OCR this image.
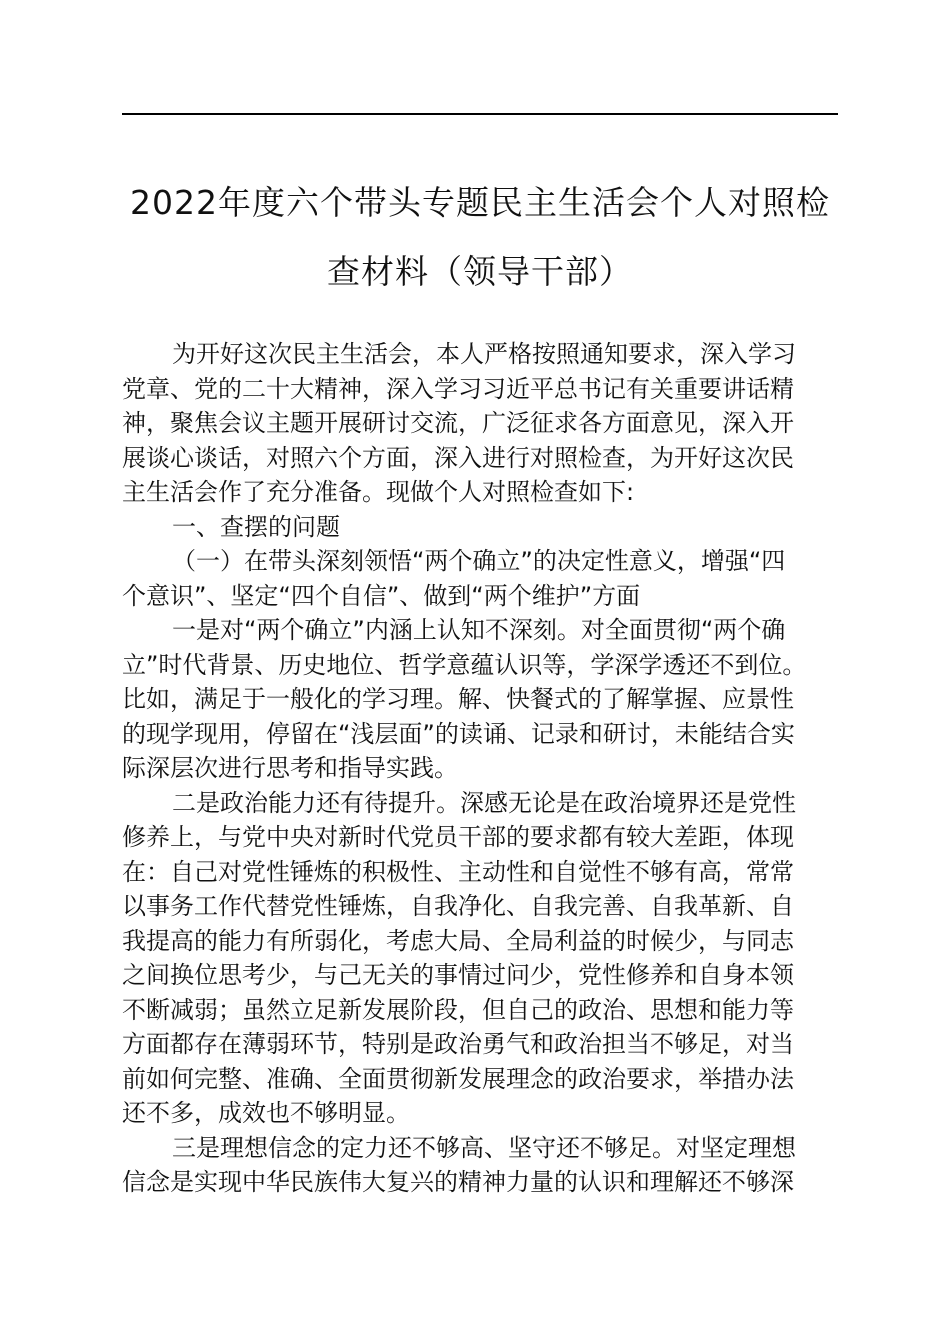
2022年度六个带头专题民主生活会个人对照检
查材料（领导干部）

为开好这次民主生活会，本人严格按照通知要求，深入学习
党章、党的二十大精神，深入学习习近平总书记有关重要讲话精
神，聚焦会议主题开展研讨交流，广泛征求各方面意见，深入开
展谈心谈话，对照六个方面，深入进行对照检查，为开好这次民
主生活会作了充分准备。现做个人对照检查如下:

一、查摆的问题

（一）在带头深刻领悟“两个确立”的决定性意义，增强“四
个意识”、坚定“四个自信”、做到“两个维护”方面

一是对“两个确立”内涵上认知不深刻。对全面贯彻“两个确
立”时代背景、历史地位、哲学意蕴认识等，学深学透还不到位。
比如，满足于一般化的学习理。解、快餐式的了解掌握、应景性
的现学现用，停留在“浅层面”的读诵、记录和研讨，未能结合实
际深层次进行思考和指导实践。

二是政治能力还有待提升。深感无论是在政治境界还是党性
修养上，与党中央对新时代党员干部的要求都有较大差距，体现
在：自己对党性锤炼的积极性、主动性和自觉性不够有高，常常
以事务工作代替党性锤炼，自我净化、自我完善、自我革新、自
我提高的能力有所弱化，考虑大局、全局利益的时候少，与同志
之间换位思考少，与己无关的事情过问少，党性修养和自身本领
不断减弱；虽然立足新发展阶段，但自己的政治、思想和能力等
方面都存在薄弱环节，特别是政治勇气和政治担当不够足，对当
前如何完整、准确、全面贯彻新发展理念的政治要求，举措办法
还不多，成效也不够明显。

三是理想信念的定力还不够高、坚守还不够足。对坚定理想
信念是实现中华民族伟大复兴的精神力量的认识和理解还不够深
